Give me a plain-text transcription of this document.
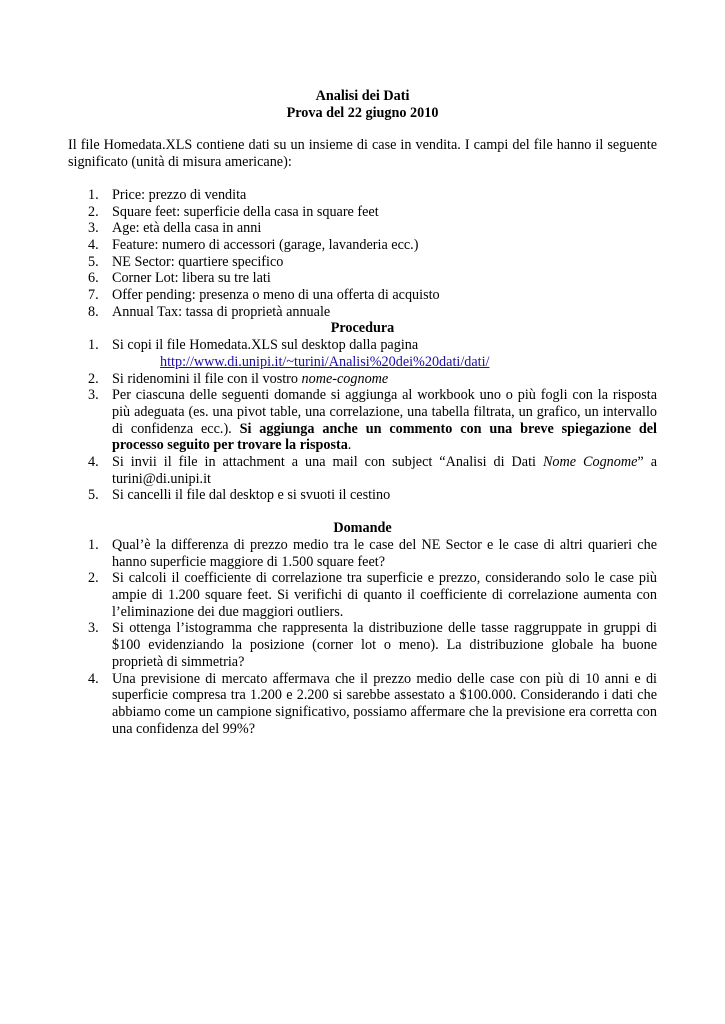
Analisi dei Dati
Prova del 22 giugno 2010
Il file Homedata.XLS contiene dati su un insieme di case in vendita. I campi del file hanno il seguente significato (unità di misura americane):
1. Price: prezzo di vendita
2. Square feet: superficie della casa in square feet
3. Age: età della casa in anni
4. Feature: numero di accessori (garage, lavanderia ecc.)
5. NE Sector: quartiere specifico
6. Corner Lot: libera su tre lati
7. Offer pending: presenza o meno di una offerta di acquisto
8. Annual Tax: tassa di proprietà annuale
Procedura
1. Si copi il file Homedata.XLS sul desktop dalla pagina
http://www.di.unipi.it/~turini/Analisi%20dei%20dati/dati/
2. Si ridenomini il file con il vostro nome-cognome
3. Per ciascuna delle seguenti domande si aggiunga al workbook uno o più fogli con la risposta più adeguata (es. una pivot table, una correlazione, una tabella filtrata, un grafico, un intervallo di confidenza ecc.). Si aggiunga anche un commento con una breve spiegazione del processo seguito per trovare la risposta.
4. Si invii il file in attachment a una mail con subject “Analisi di Dati Nome Cognome” a turini@di.unipi.it
5. Si cancelli il file dal desktop e si svuoti il cestino
Domande
1. Qual’è la differenza di prezzo medio tra le case del NE Sector e le case di altri quarieri che hanno superficie maggiore di 1.500 square feet?
2. Si calcoli il coefficiente di correlazione tra superficie e prezzo, considerando solo le case più ampie di 1.200 square feet. Si verifichi di quanto il coefficiente di correlazione aumenta con l’eliminazione dei due maggiori outliers.
3. Si ottenga l’istogramma che rappresenta la distribuzione delle tasse raggruppate in gruppi di $100 evidenziando la posizione (corner lot o meno). La distribuzione globale ha buone proprietà di simmetria?
4. Una previsione di mercato affermava che il prezzo medio delle case con più di 10 anni e di superficie compresa tra 1.200 e 2.200 si sarebbe assestato a $100.000. Considerando i dati che abbiamo come un campione significativo, possiamo affermare che la previsione era corretta con una confidenza del 99%?
